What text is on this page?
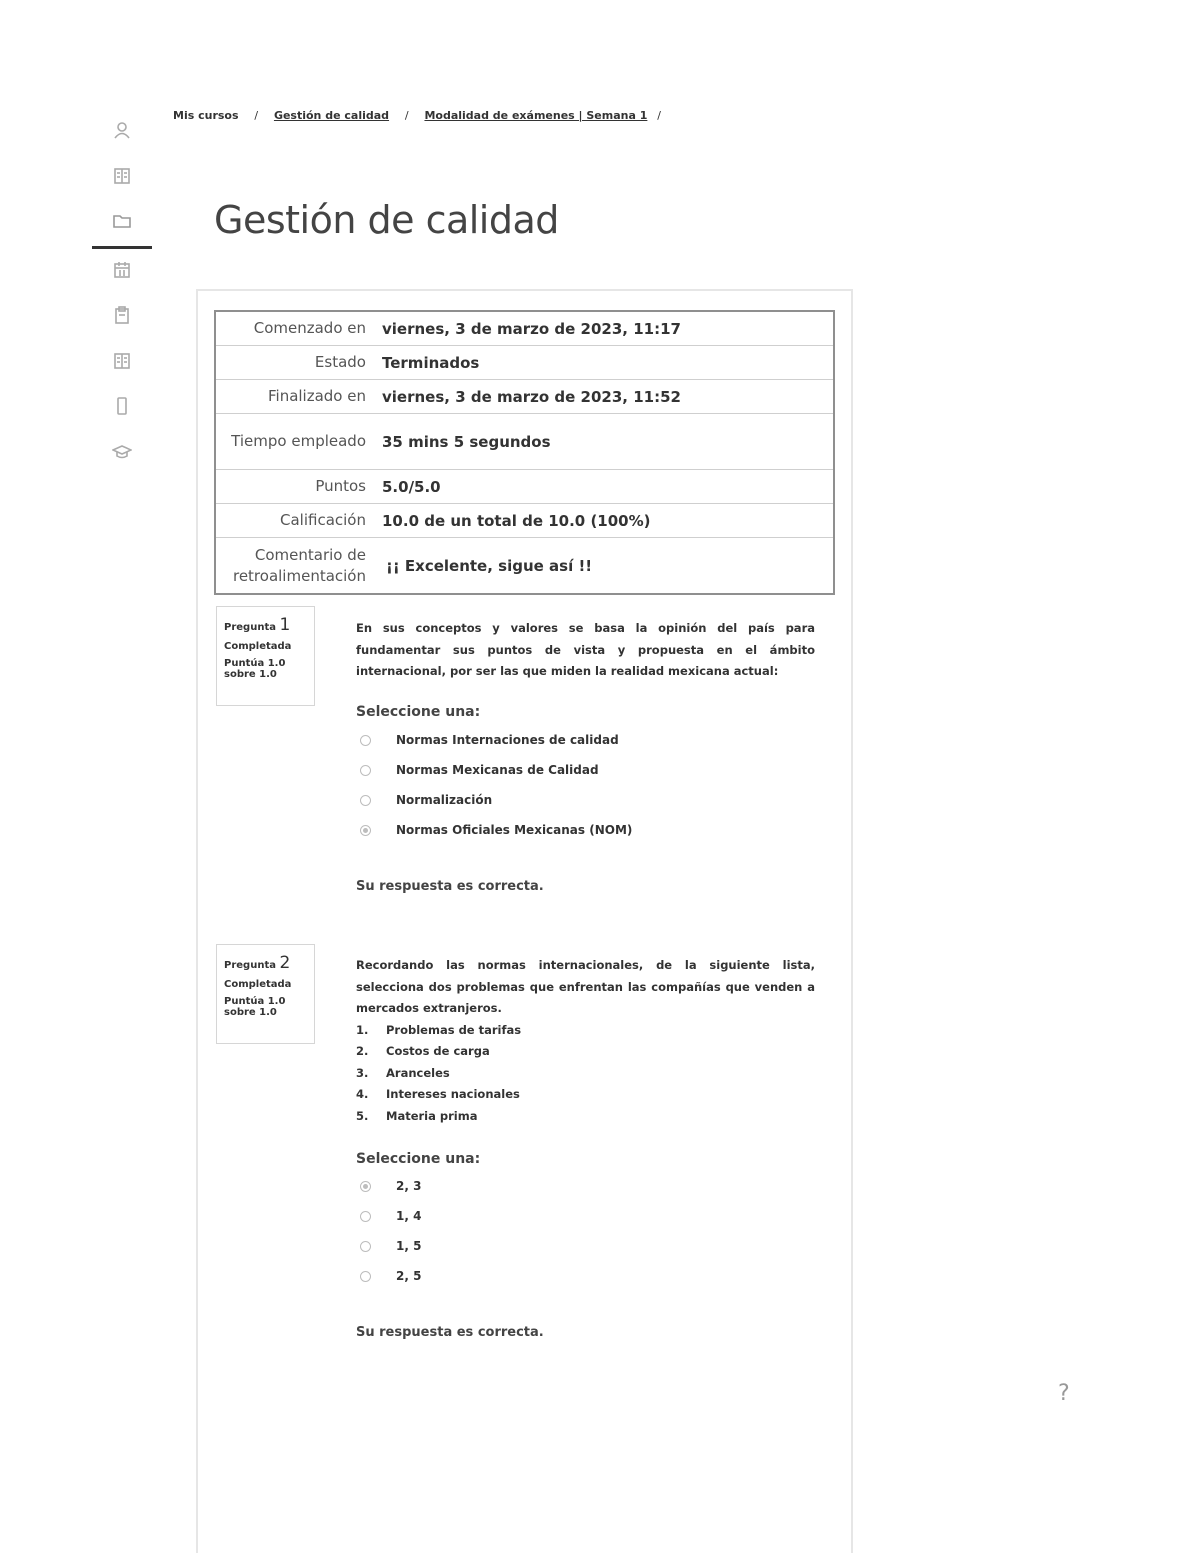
Mis cursos / Gestión de calidad / Modalidad de exámenes | Semana 1 /
Gestión de calidad
Comenzado en	viernes, 3 de marzo de 2023, 11:17
Estado	Terminados
Finalizado en	viernes, 3 de marzo de 2023, 11:52
Tiempo empleado	35 mins 5 segundos
Puntos	5.0/5.0
Calificación	10.0 de un total de 10.0 (100%)
Comentario de retroalimentación	¡¡ Excelente, sigue así !!
Pregunta 1
Completada
Puntúa 1.0 sobre 1.0

En sus conceptos y valores se basa la opinión del país para fundamentar sus puntos de vista y propuesta en el ámbito internacional, por ser las que miden la realidad mexicana actual:

Seleccione una:
Normas Internaciones de calidad
Normas Mexicanas de Calidad
Normalización
Normas Oficiales Mexicanas (NOM)
Su respuesta es correcta.
Pregunta 2
Completada
Puntúa 1.0 sobre 1.0

Recordando las normas internacionales, de la siguiente lista, selecciona dos problemas que enfrentan las compañías que venden a mercados extranjeros.

1.	Problemas de tarifas
2.	Costos de carga
3.	Aranceles
4.	Intereses nacionales
5.	Materia prima
Seleccione una:
2, 3
1, 4
1, 5
2, 5
Su respuesta es correcta.
?
